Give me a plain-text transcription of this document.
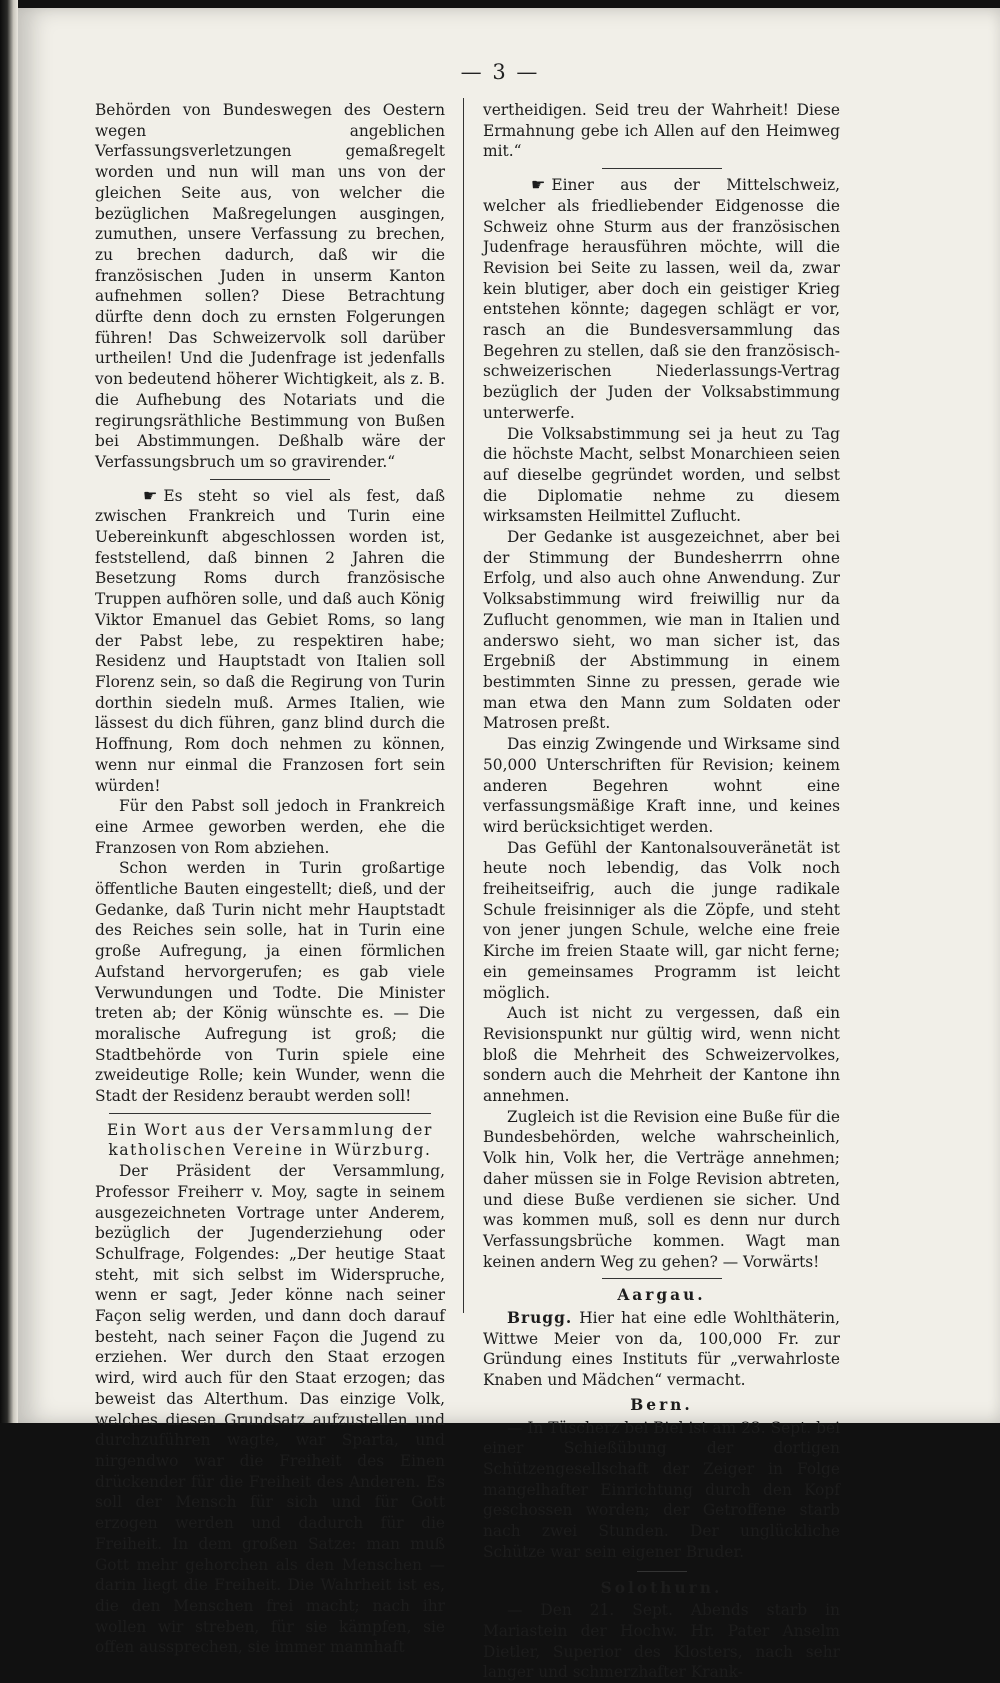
— 3 —

Behörden von Bundeswegen des Oestern wegen angeblichen Verfassungsverletzungen gemaßregelt worden und nun will man uns von der gleichen Seite aus, von welcher die bezüglichen Maßregelungen ausgingen, zumuthen, unsere Verfassung zu brechen, zu brechen dadurch, daß wir die französischen Juden in unserm Kanton aufnehmen sollen? Diese Betrachtung dürfte denn doch zu ernsten Folgerungen führen! Das Schweizervolk soll darüber urtheilen! Und die Judenfrage ist jedenfalls von bedeutend höherer Wichtigkeit, als z. B. die Aufhebung des Notariats und die regirungsräthliche Bestimmung von Bußen bei Abstimmungen. Deßhalb wäre der Verfassungsbruch um so gravirender.“

☛ Es steht so viel als fest, daß zwischen Frankreich und Turin eine Uebereinkunft abgeschlossen worden ist, feststellend, daß binnen 2 Jahren die Besetzung Roms durch französische Truppen aufhören solle, und daß auch König Viktor Emanuel das Gebiet Roms, so lang der Pabst lebe, zu respektiren habe; Residenz und Hauptstadt von Italien soll Florenz sein, so daß die Regirung von Turin dorthin siedeln muß. Armes Italien, wie lässest du dich führen, ganz blind durch die Hoffnung, Rom doch nehmen zu können, wenn nur einmal die Franzosen fort sein würden!

Für den Pabst soll jedoch in Frankreich eine Armee geworben werden, ehe die Franzosen von Rom abziehen.

Schon werden in Turin großartige öffentliche Bauten eingestellt; dieß, und der Gedanke, daß Turin nicht mehr Hauptstadt des Reiches sein solle, hat in Turin eine große Aufregung, ja einen förmlichen Aufstand hervorgerufen; es gab viele Verwundungen und Todte. Die Minister treten ab; der König wünschte es. — Die moralische Aufregung ist groß; die Stadtbehörde von Turin spiele eine zweideutige Rolle; kein Wunder, wenn die Stadt der Residenz beraubt werden soll!

Ein Wort aus der Versammlung der
katholischen Vereine in Würzburg.

Der Präsident der Versammlung, Professor Freiherr v. Moy, sagte in seinem ausgezeichneten Vortrage unter Anderem, bezüglich der Jugenderziehung oder Schulfrage, Folgendes: „Der heutige Staat steht, mit sich selbst im Widerspruche, wenn er sagt, Jeder könne nach seiner Façon selig werden, und dann doch darauf besteht, nach seiner Façon die Jugend zu erziehen. Wer durch den Staat erzogen wird, wird auch für den Staat erzogen; das beweist das Alterthum. Das einzige Volk, welches diesen Grundsatz aufzustellen und durchzuführen wagte, war Sparta, und nirgendwo war die Freiheit des Einen drückender für die Freiheit des Anderen. Es soll der Mensch für sich und für Gott erzogen werden und dadurch für die Freiheit. In dem großen Satze: man muß Gott mehr gehorchen als den Menschen — darin liegt die Freiheit. Die Wahrheit ist es, die den Menschen frei macht; nach ihr wollen wir streben, für sie kämpfen, sie offen aussprechen, sie immer mannhaft

vertheidigen. Seid treu der Wahrheit! Diese Ermahnung gebe ich Allen auf den Heimweg mit.“

☛ Einer aus der Mittelschweiz, welcher als friedliebender Eidgenosse die Schweiz ohne Sturm aus der französischen Judenfrage herausführen möchte, will die Revision bei Seite zu lassen, weil da, zwar kein blutiger, aber doch ein geistiger Krieg entstehen könnte; dagegen schlägt er vor, rasch an die Bundesversammlung das Begehren zu stellen, daß sie den französisch-schweizerischen Niederlassungs-Vertrag bezüglich der Juden der Volksabstimmung unterwerfe.

Die Volksabstimmung sei ja heut zu Tag die höchste Macht, selbst Monarchieen seien auf dieselbe gegründet worden, und selbst die Diplomatie nehme zu diesem wirksamsten Heilmittel Zuflucht.

Der Gedanke ist ausgezeichnet, aber bei der Stimmung der Bundesherrrn ohne Erfolg, und also auch ohne Anwendung. Zur Volksabstimmung wird freiwillig nur da Zuflucht genommen, wie man in Italien und anderswo sieht, wo man sicher ist, das Ergebniß der Abstimmung in einem bestimmten Sinne zu pressen, gerade wie man etwa den Mann zum Soldaten oder Matrosen preßt.

Das einzig Zwingende und Wirksame sind 50,000 Unterschriften für Revision; keinem anderen Begehren wohnt eine verfassungsmäßige Kraft inne, und keines wird berücksichtiget werden.

Das Gefühl der Kantonalsouveränetät ist heute noch lebendig, das Volk noch freiheitseifrig, auch die junge radikale Schule freisinniger als die Zöpfe, und steht von jener jungen Schule, welche eine freie Kirche im freien Staate will, gar nicht ferne; ein gemeinsames Programm ist leicht möglich.

Auch ist nicht zu vergessen, daß ein Revisionspunkt nur gültig wird, wenn nicht bloß die Mehrheit des Schweizervolkes, sondern auch die Mehrheit der Kantone ihn annehmen.

Zugleich ist die Revision eine Buße für die Bundesbehörden, welche wahrscheinlich, Volk hin, Volk her, die Verträge annehmen; daher müssen sie in Folge Revision abtreten, und diese Buße verdienen sie sicher. Und was kommen muß, soll es denn nur durch Verfassungsbrüche kommen. Wagt man keinen andern Weg zu gehen? — Vorwärts!

Aargau.

Brugg. Hier hat eine edle Wohlthäterin, Wittwe Meier von da, 100,000 Fr. zur Gründung eines Instituts für „verwahrloste Knaben und Mädchen“ vermacht.

Bern.

— In Tüscherz bei Biel ist am 23. Sept. bei einer Schießübung der dortigen Schützengesellschaft der Zeiger in Folge mangelhafter Einrichtung durch den Kopf geschossen worden; der Getroffene starb nach zwei Stunden. Der unglückliche Schütze war sein eigener Bruder.

Solothurn.

— Den 21. Sept. Abends starb in Mariastein der Hochw. Hr. Pater Anselm Dietler, Superior des Klosters, nach sehr langer und schmerzhafter Krank-
